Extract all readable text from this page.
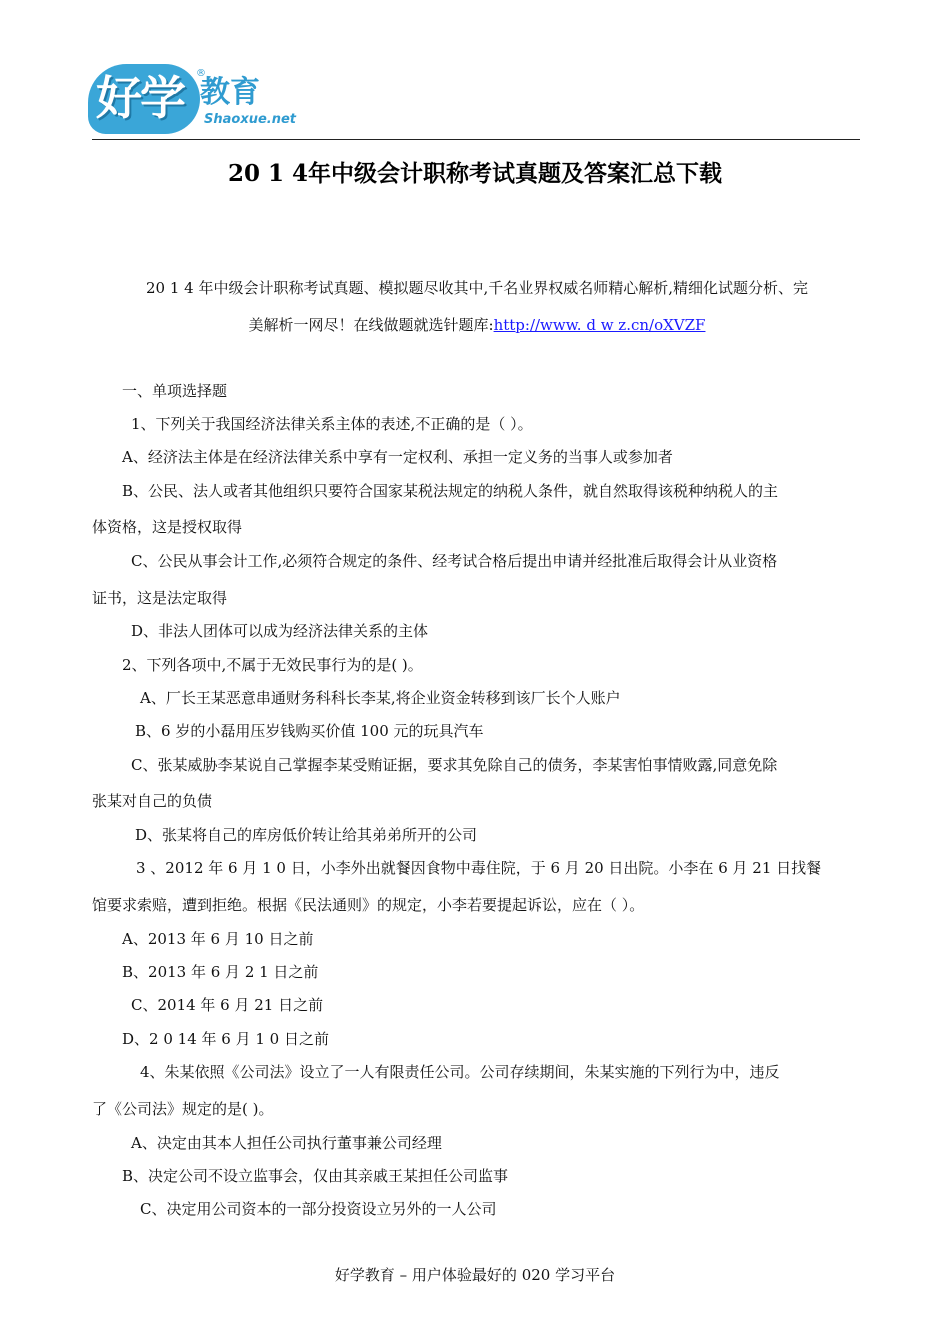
好学 ®
教育
Shaoxue.net
20 1 4年中级会计职称考试真题及答案汇总下载
20 1 4 年中级会计职称考试真题、模拟题尽收其中,千名业界权威名师精心解析,精细化试题分析、完
美解析一网尽！在线做题就选针题库:http://www. d w z.cn/oXVZF
一、单项选择题
1、下列关于我国经济法律关系主体的表述,不正确的是（ ）。
A、经济法主体是在经济法律关系中享有一定权利、承担一定义务的当事人或参加者
B、公民、法人或者其他组织只要符合国家某税法规定的纳税人条件，就自然取得该税种纳税人的主
体资格，这是授权取得
C、公民从事会计工作,必须符合规定的条件、经考试合格后提出申请并经批准后取得会计从业资格
证书，这是法定取得
D、非法人团体可以成为经济法律关系的主体
2、下列各项中,不属于无效民事行为的是( )。
A、厂长王某恶意串通财务科科长李某,将企业资金转移到该厂长个人账户
B、6 岁的小磊用压岁钱购买价值 100 元的玩具汽车
C、张某威胁李某说自己掌握李某受贿证据，要求其免除自己的债务，李某害怕事情败露,同意免除
张某对自己的负债
D、张某将自己的库房低价转让给其弟弟所开的公司
3 、2012 年 6 月 1 0 日，小李外出就餐因食物中毒住院，于 6 月 20 日出院。小李在 6 月 21 日找餐
馆要求索赔，遭到拒绝。根据《民法通则》的规定，小李若要提起诉讼，应在（ ）。
A、2013 年 6 月 10 日之前
B、2013 年 6 月 2 1 日之前
C、2014 年 6 月 21 日之前
D、2 0 14 年 6 月 1 0 日之前
4、朱某依照《公司法》设立了一人有限责任公司。公司存续期间，朱某实施的下列行为中，违反
了《公司法》规定的是( )。
A、决定由其本人担任公司执行董事兼公司经理
B、决定公司不设立监事会，仅由其亲戚王某担任公司监事
C、决定用公司资本的一部分投资设立另外的一人公司
好学教育 – 用户体验最好的 020 学习平台
